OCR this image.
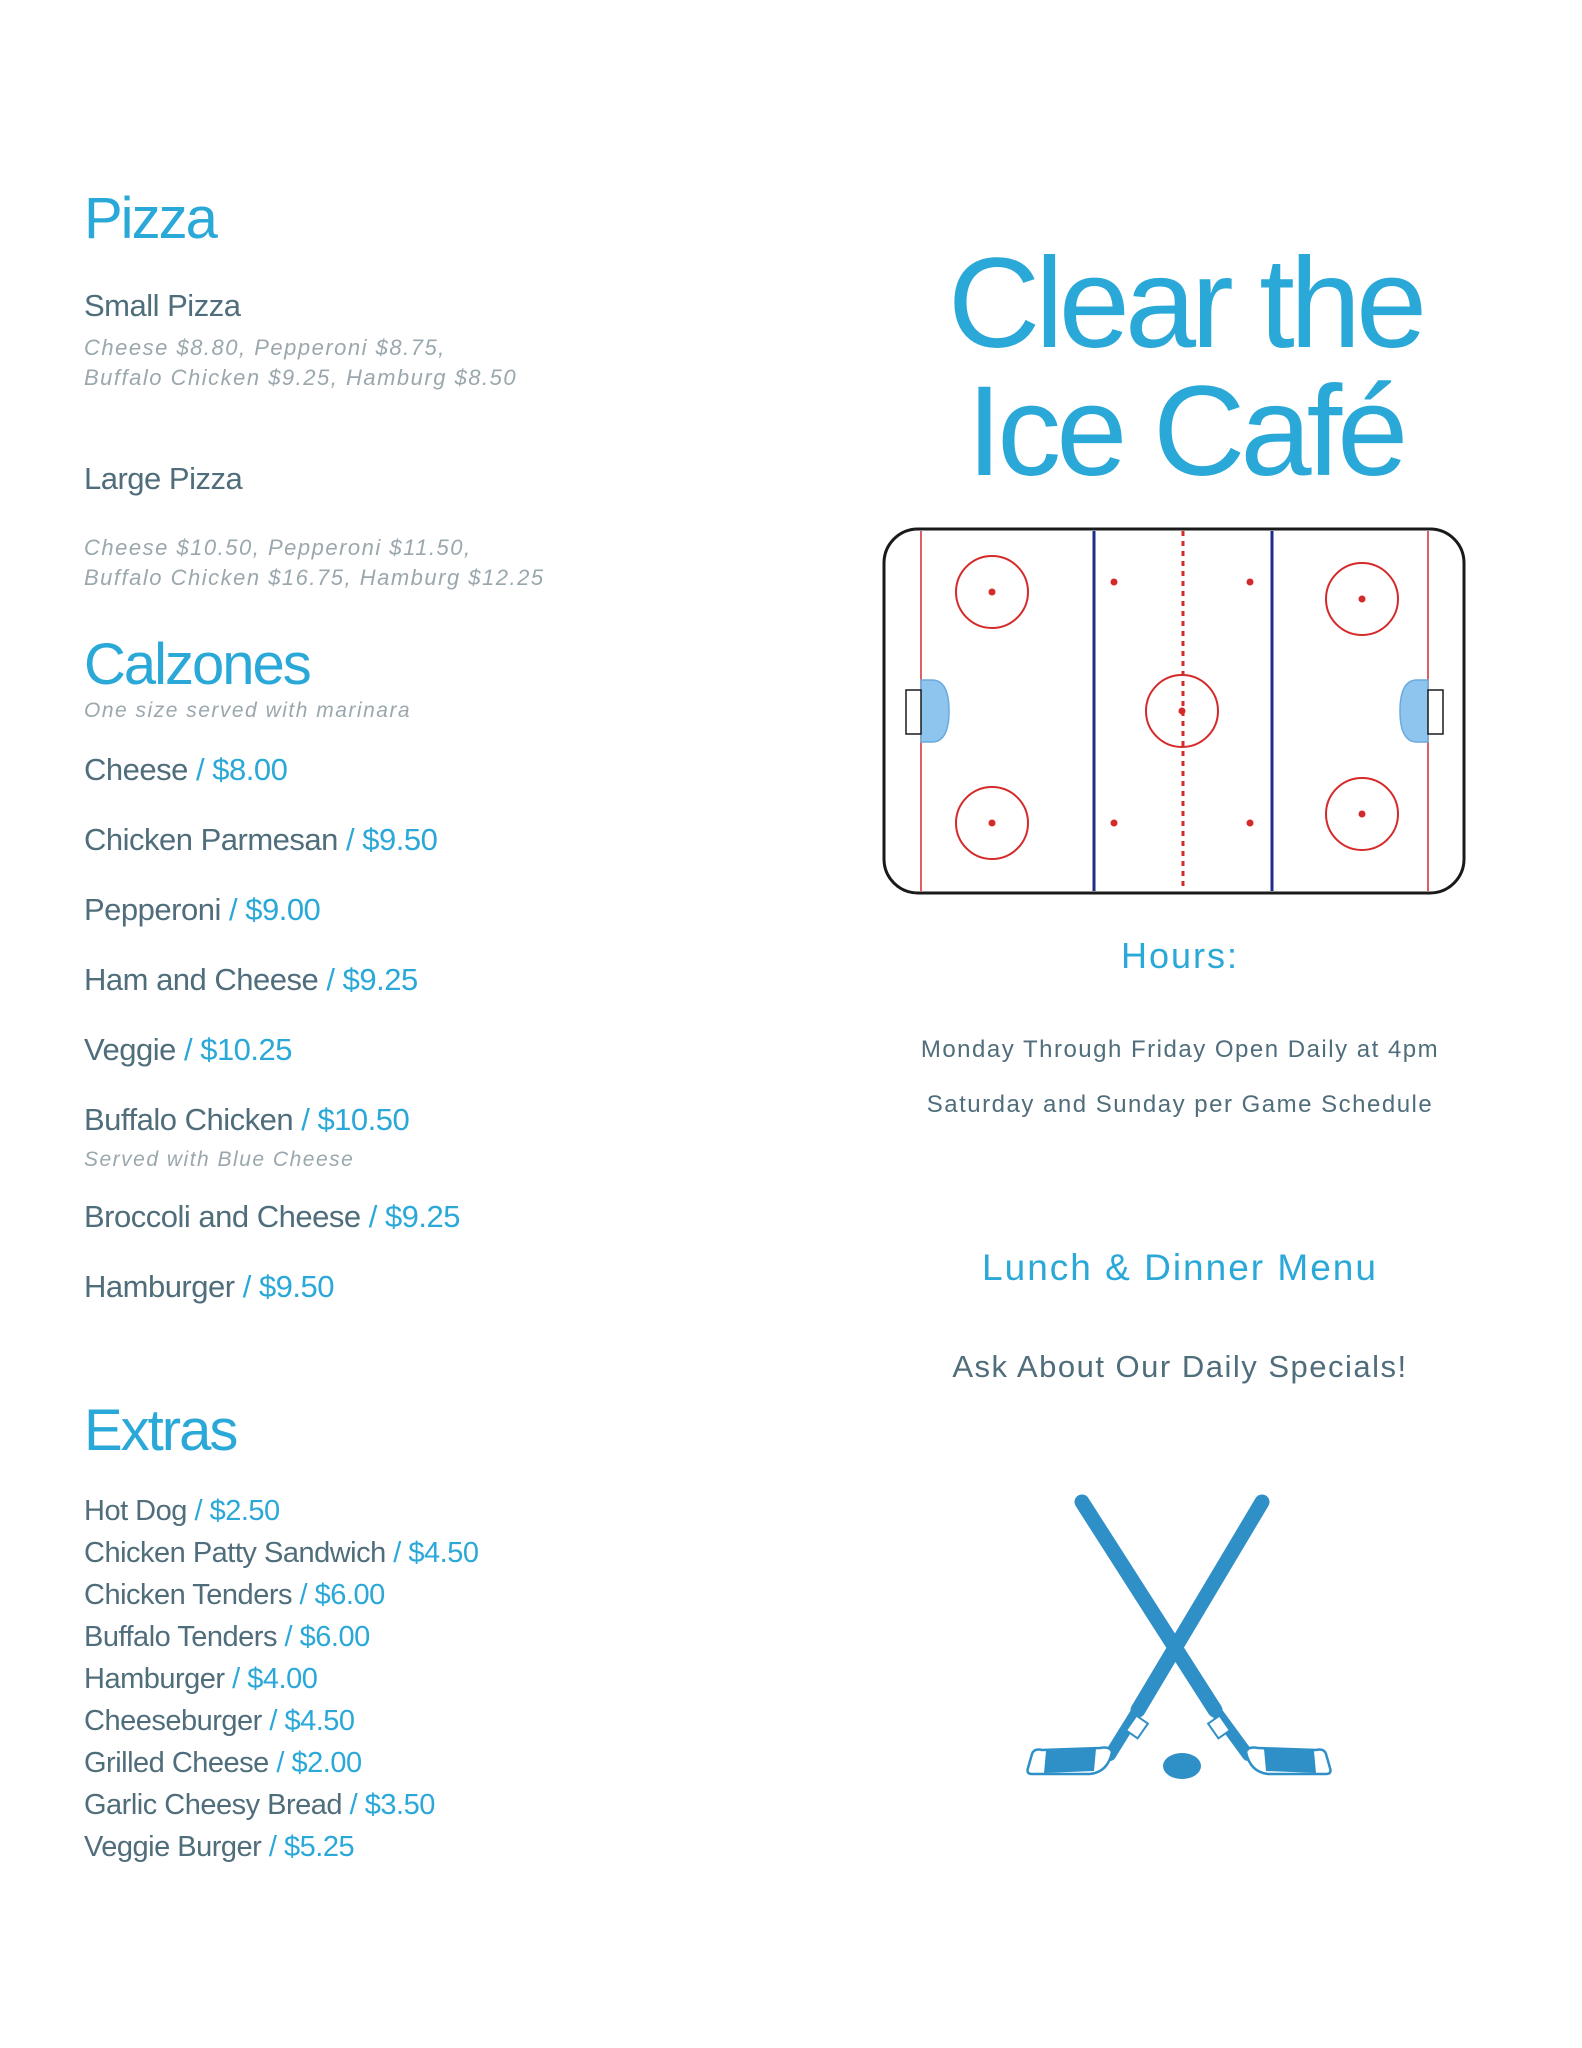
Pizza
Small Pizza
Cheese $8.80, Pepperoni $8.75,
Buffalo Chicken $9.25, Hamburg $8.50
Large Pizza
Cheese $10.50, Pepperoni $11.50,
Buffalo Chicken $16.75, Hamburg $12.25
Calzones
One size served with marinara
Cheese / $8.00
Chicken Parmesan / $9.50
Pepperoni / $9.00
Ham and Cheese / $9.25
Veggie / $10.25
Buffalo Chicken / $10.50
Served with Blue Cheese
Broccoli and Cheese / $9.25
Hamburger / $9.50
Extras
Hot Dog / $2.50
Chicken Patty Sandwich / $4.50
Chicken Tenders / $6.00
Buffalo Tenders / $6.00
Hamburger / $4.00
Cheeseburger / $4.50
Grilled Cheese / $2.00
Garlic Cheesy Bread / $3.50
Veggie Burger / $5.25
Clear the
Ice Café
Hours:
Monday Through Friday Open Daily at 4pm
Saturday and Sunday per Game Schedule
Lunch & Dinner Menu
Ask About Our Daily Specials!
